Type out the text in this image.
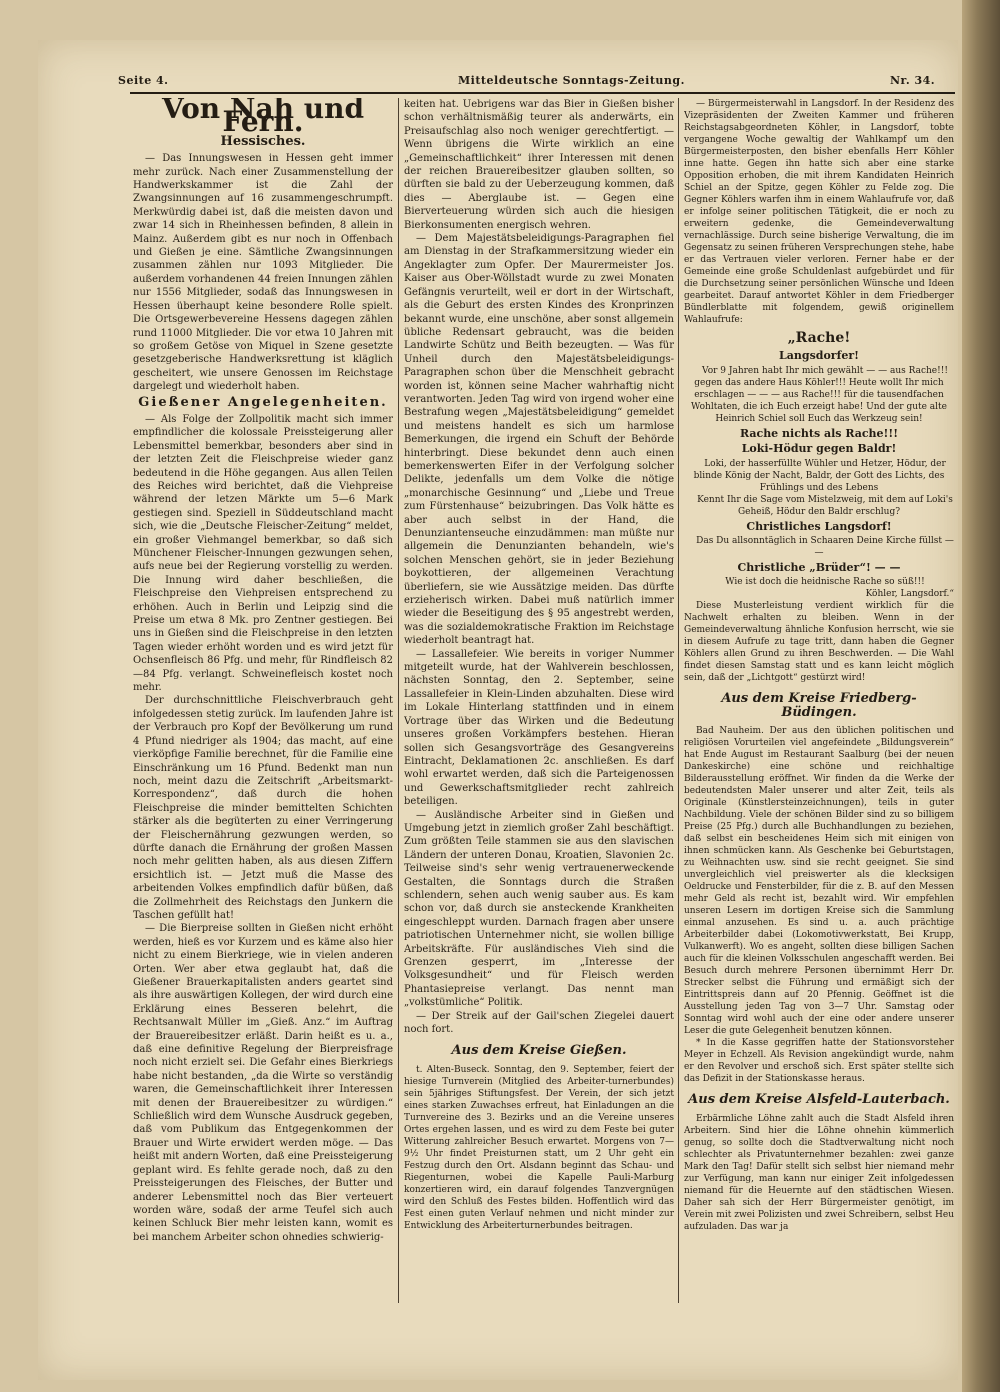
Seite 4.	Mitteldeutsche Sonntags-Zeitung.	Nr. 34.
Von Nah und Fern.
Hessisches.

— Das Innungswesen in Hessen geht immer mehr zurück. Nach einer Zusammenstellung der Handwerkskammer ist die Zahl der Zwangsinnungen auf 16 zusammengeschrumpft. Merkwürdig dabei ist, daß die meisten davon und zwar 14 sich in Rheinhessen befinden, 8 allein in Mainz. Außerdem gibt es nur noch in Offenbach und Gießen je eine. Sämtliche Zwangsinnungen zusammen zählen nur 1093 Mitglieder. Die außerdem vorhandenen 44 freien Innungen zählen nur 1556 Mitglieder, sodaß das Innungswesen in Hessen überhaupt keine besondere Rolle spielt. Die Ortsgewerbevereine Hessens dagegen zählen rund 11000 Mitglieder. Die vor etwa 10 Jahren mit so großem Getöse von Miquel in Szene gesetzte gesetzgeberische Handwerksrettung ist kläglich gescheitert, wie unsere Genossen im Reichstage dargelegt und wiederholt haben.

Gießener Angelegenheiten.

— Als Folge der Zollpolitik macht sich immer empfindlicher die kolossale Preissteigerung aller Lebensmittel bemerkbar, besonders aber sind in der letzten Zeit die Fleischpreise wieder ganz bedeutend in die Höhe gegangen. Aus allen Teilen des Reiches wird berichtet, daß die Viehpreise während der letzen Märkte um 5—6 Mark gestiegen sind. Speziell in Süddeutschland macht sich, wie die „Deutsche Fleischer-Zeitung“ meldet, ein großer Viehmangel bemerkbar, so daß sich Münchener Fleischer-Innungen gezwungen sehen, aufs neue bei der Regierung vorstellig zu werden. Die Innung wird daher beschließen, die Fleischpreise den Viehpreisen entsprechend zu erhöhen. Auch in Berlin und Leipzig sind die Preise um etwa 8 Mk. pro Zentner gestiegen. Bei uns in Gießen sind die Fleischpreise in den letzten Tagen wieder erhöht worden und es wird jetzt für Ochsenfleisch 86 Pfg. und mehr, für Rindfleisch 82—84 Pfg. verlangt. Schweinefleisch kostet noch mehr.

Der durchschnittliche Fleischverbrauch geht infolgedessen stetig zurück. Im laufenden Jahre ist der Verbrauch pro Kopf der Bevölkerung um rund 4 Pfund niedriger als 1904; das macht, auf eine vierköpfige Familie berechnet, für die Familie eine Einschränkung um 16 Pfund. Bedenkt man nun noch, meint dazu die Zeitschrift „Arbeitsmarkt-Korrespondenz“, daß durch die hohen Fleischpreise die minder bemittelten Schichten stärker als die begüterten zu einer Verringerung der Fleischernährung gezwungen werden, so dürfte danach die Ernährung der großen Massen noch mehr gelitten haben, als aus diesen Ziffern ersichtlich ist. — Jetzt muß die Masse des arbeitenden Volkes empfindlich dafür büßen, daß die Zollmehrheit des Reichstags den Junkern die Taschen gefüllt hat!

— Die Bierpreise sollten in Gießen nicht erhöht werden, hieß es vor Kurzem und es käme also hier nicht zu einem Bierkriege, wie in vielen anderen Orten. Wer aber etwa geglaubt hat, daß die Gießener Brauerkapitalisten anders geartet sind als ihre auswärtigen Kollegen, der wird durch eine Erklärung eines Besseren belehrt, die Rechtsanwalt Müller im „Gieß. Anz.“ im Auftrag der Brauereibesitzer erläßt. Darin heißt es u. a., daß eine definitive Regelung der Bierpreisfrage noch nicht erzielt sei. Die Gefahr eines Bierkriegs habe nicht bestanden, „da die Wirte so verständig waren, die Gemeinschaftlichkeit ihrer Interessen mit denen der Brauereibesitzer zu würdigen.“ Schließlich wird dem Wunsche Ausdruck gegeben, daß vom Publikum das Entgegenkommen der Brauer und Wirte erwidert werden möge. — Das heißt mit andern Worten, daß eine Preissteigerung geplant wird. Es fehlte gerade noch, daß zu den Preissteigerungen des Fleisches, der Butter und anderer Lebensmittel noch das Bier verteuert worden wäre, sodaß der arme Teufel sich auch keinen Schluck Bier mehr leisten kann, womit es bei manchem Arbeiter schon ohnedies schwierig-

keiten hat. Uebrigens war das Bier in Gießen bisher schon verhältnismäßig teurer als anderwärts, ein Preisaufschlag also noch weniger gerechtfertigt. — Wenn übrigens die Wirte wirklich an eine „Gemeinschaftlichkeit“ ihrer Interessen mit denen der reichen Brauereibesitzer glauben sollten, so dürften sie bald zu der Ueberzeugung kommen, daß dies — Aberglaube ist. — Gegen eine Bierverteuerung würden sich auch die hiesigen Bierkonsumenten energisch wehren.

— Dem Majestätsbeleidigungs-Paragraphen fiel am Dienstag in der Strafkammersitzung wieder ein Angeklagter zum Opfer. Der Maurermeister Jos. Kaiser aus Ober-Wöllstadt wurde zu zwei Monaten Gefängnis verurteilt, weil er dort in der Wirtschaft, als die Geburt des ersten Kindes des Kronprinzen bekannt wurde, eine unschöne, aber sonst allgemein übliche Redensart gebraucht, was die beiden Landwirte Schütz und Beith bezeugten. — Was für Unheil durch den Majestätsbeleidigungs-Paragraphen schon über die Menschheit gebracht worden ist, können seine Macher wahrhaftig nicht verantworten. Jeden Tag wird von irgend woher eine Bestrafung wegen „Majestätsbeleidigung“ gemeldet und meistens handelt es sich um harmlose Bemerkungen, die irgend ein Schuft der Behörde hinterbringt. Diese bekundet denn auch einen bemerkenswerten Eifer in der Verfolgung solcher Delikte, jedenfalls um dem Volke die nötige „monarchische Gesinnung“ und „Liebe und Treue zum Fürstenhause“ beizubringen. Das Volk hätte es aber auch selbst in der Hand, die Denunziantenseuche einzudämmen: man müßte nur allgemein die Denunzianten behandeln, wie's solchen Menschen gehört, sie in jeder Beziehung boykottieren, der allgemeinen Verachtung überliefern, sie wie Aussätzige meiden. Das dürfte erzieherisch wirken. Dabei muß natürlich immer wieder die Beseitigung des § 95 angestrebt werden, was die sozialdemokratische Fraktion im Reichstage wiederholt beantragt hat.

— Lassallefeier. Wie bereits in voriger Nummer mitgeteilt wurde, hat der Wahlverein beschlossen, nächsten Sonntag, den 2. September, seine Lassallefeier in Klein-Linden abzuhalten. Diese wird im Lokale Hinterlang stattfinden und in einem Vortrage über das Wirken und die Bedeutung unseres großen Vorkämpfers bestehen. Hieran sollen sich Gesangsvorträge des Gesangvereins Eintracht, Deklamationen 2c. anschließen. Es darf wohl erwartet werden, daß sich die Parteigenossen und Gewerkschaftsmitglieder recht zahlreich beteiligen.

— Ausländische Arbeiter sind in Gießen und Umgebung jetzt in ziemlich großer Zahl beschäftigt. Zum größten Teile stammen sie aus den slavischen Ländern der unteren Donau, Kroatien, Slavonien 2c. Teilweise sind's sehr wenig vertrauenerweckende Gestalten, die Sonntags durch die Straßen schlendern, sehen auch wenig sauber aus. Es kam schon vor, daß durch sie ansteckende Krankheiten eingeschleppt wurden. Darnach fragen aber unsere patriotischen Unternehmer nicht, sie wollen billige Arbeitskräfte. Für ausländisches Vieh sind die Grenzen gesperrt, im „Interesse der Volksgesundheit“ und für Fleisch werden Phantasiepreise verlangt. Das nennt man „volkstümliche“ Politik.

— Der Streik auf der Gail'schen Ziegelei dauert noch fort.

Aus dem Kreise Gießen.

t. Alten-Buseck. Sonntag, den 9. September, feiert der hiesige Turnverein (Mitglied des Arbeiter-turnerbundes) sein 5jähriges Stiftungsfest. Der Verein, der sich jetzt eines starken Zuwachses erfreut, hat Einladungen an die Turnvereine des 3. Bezirks und an die Vereine unseres Ortes ergehen lassen, und es wird zu dem Feste bei guter Witterung zahlreicher Besuch erwartet. Morgens von 7—9½ Uhr findet Preisturnen statt, um 2 Uhr geht ein Festzug durch den Ort. Alsdann beginnt das Schau- und Riegenturnen, wobei die Kapelle Pauli-Marburg konzertieren wird, ein darauf folgendes Tanzvergnügen wird den Schluß des Festes bilden. Hoffentlich wird das Fest einen guten Verlauf nehmen und nicht minder zur Entwicklung des Arbeiterturnerbundes beitragen.

— Bürgermeisterwahl in Langsdorf. In der Residenz des Vizepräsidenten der Zweiten Kammer und früheren Reichstagsabgeordneten Köhler, in Langsdorf, tobte vergangene Woche gewaltig der Wahlkampf um den Bürgermeisterposten, den bisher ebenfalls Herr Köhler inne hatte. Gegen ihn hatte sich aber eine starke Opposition erhoben, die mit ihrem Kandidaten Heinrich Schiel an der Spitze, gegen Köhler zu Felde zog. Die Gegner Köhlers warfen ihm in einem Wahlaufrufe vor, daß er infolge seiner politischen Tätigkeit, die er noch zu erweitern gedenke, die Gemeindeverwaltung vernachlässige. Durch seine bisherige Verwaltung, die im Gegensatz zu seinen früheren Versprechungen stehe, habe er das Vertrauen vieler verloren. Ferner habe er der Gemeinde eine große Schuldenlast aufgebürdet und für die Durchsetzung seiner persönlichen Wünsche und Ideen gearbeitet. Darauf antwortet Köhler in dem Friedberger Bündlerblatte mit folgendem, gewiß originellem Wahlaufrufe:

„Rache!
Langsdorfer!

Vor 9 Jahren habt Ihr mich gewählt — — aus Rache!!! gegen das andere Haus Köhler!!! Heute wollt Ihr mich erschlagen — — — aus Rache!!! für die tausendfachen Wohltaten, die ich Euch erzeigt habe! Und der gute alte Heinrich Schiel soll Euch das Werkzeug sein!

Rache nichts als Rache!!!
Loki-Hödur gegen Baldr!

Loki, der hasserfüllte Wühler und Hetzer, Hödur, der blinde König der Nacht, Baldr, der Gott des Lichts, des Frühlings und des Lebens

Kennt Ihr die Sage vom Mistelzweig, mit dem auf Loki's Geheiß, Hödur den Baldr erschlug?

Christliches Langsdorf!

Das Du allsonntäglich in Schaaren Deine Kirche füllst — —

Christliche „Brüder“! — —

Wie ist doch die heidnische Rache so süß!!!

Köhler, Langsdorf.“

Diese Musterleistung verdient wirklich für die Nachwelt erhalten zu bleiben. Wenn in der Gemeindeverwaltung ähnliche Konfusion herrscht, wie sie in diesem Aufrufe zu tage tritt, dann haben die Gegner Köhlers allen Grund zu ihren Beschwerden. — Die Wahl findet diesen Samstag statt und es kann leicht möglich sein, daß der „Lichtgott“ gestürzt wird!

Aus dem Kreise Friedberg-Büdingen.

Bad Nauheim. Der aus den üblichen politischen und religiösen Vorurteilen viel angefeindete „Bildungsverein“ hat Ende August im Restaurant Saalburg (bei der neuen Dankeskirche) eine schöne und reichhaltige Bilderausstellung eröffnet. Wir finden da die Werke der bedeutendsten Maler unserer und alter Zeit, teils als Originale (Künstlersteinzeichnungen), teils in guter Nachbildung. Viele der schönen Bilder sind zu so billigem Preise (25 Pfg.) durch alle Buchhandlungen zu beziehen, daß selbst ein bescheidenes Heim sich mit einigen von ihnen schmücken kann. Als Geschenke bei Geburtstagen, zu Weihnachten usw. sind sie recht geeignet. Sie sind unvergleichlich viel preiswerter als die klecksigen Oeldrucke und Fensterbilder, für die z. B. auf den Messen mehr Geld als recht ist, bezahlt wird. Wir empfehlen unseren Lesern im dortigen Kreise sich die Sammlung einmal anzusehen. Es sind u. a. auch prächtige Arbeiterbilder dabei (Lokomotivwerkstatt, Bei Krupp, Vulkanwerft). Wo es angeht, sollten diese billigen Sachen auch für die kleinen Volksschulen angeschafft werden. Bei Besuch durch mehrere Personen übernimmt Herr Dr. Strecker selbst die Führung und ermäßigt sich der Eintrittspreis dann auf 20 Pfennig. Geöffnet ist die Ausstellung jeden Tag von 3—7 Uhr. Samstag oder Sonntag wird wohl auch der eine oder andere unserer Leser die gute Gelegenheit benutzen können.

* In die Kasse gegriffen hatte der Stationsvorsteher Meyer in Echzell. Als Revision angekündigt wurde, nahm er den Revolver und erschoß sich. Erst später stellte sich das Defizit in der Stationskasse heraus.

Aus dem Kreise Alsfeld-Lauterbach.

Erbärmliche Löhne zahlt auch die Stadt Alsfeld ihren Arbeitern. Sind hier die Löhne ohnehin kümmerlich genug, so sollte doch die Stadtverwaltung nicht noch schlechter als Privatunternehmer bezahlen: zwei ganze Mark den Tag! Dafür stellt sich selbst hier niemand mehr zur Verfügung, man kann nur einiger Zeit infolgedessen niemand für die Heuernte auf den städtischen Wiesen. Daher sah sich der Herr Bürgermeister genötigt, im Verein mit zwei Polizisten und zwei Schreibern, selbst Heu aufzuladen. Das war ja
